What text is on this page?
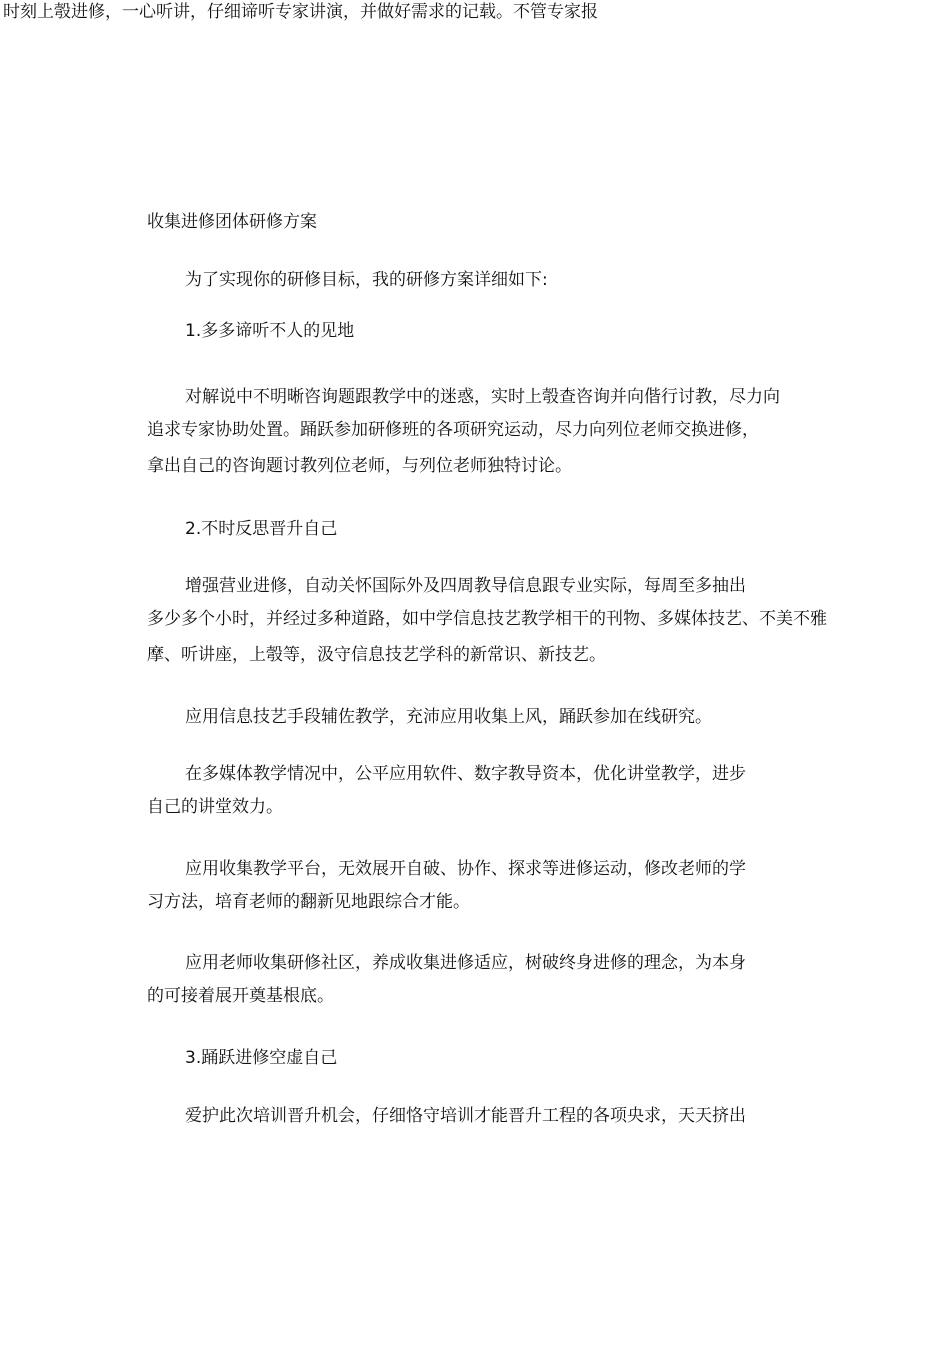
时刻上彀进修，一心听讲，仔细谛听专家讲演，并做好需求的记载。不管专家报

收集进修团体研修方案

为了实现你的研修目标，我的研修方案详细如下:

1.多多谛听不人的见地

对解说中不明晰咨询题跟教学中的迷惑，实时上彀查咨询并向偕行讨教，尽力向

追求专家协助处置。踊跃参加研修班的各项研究运动，尽力向列位老师交换进修，

拿出自己的咨询题讨教列位老师，与列位老师独特讨论。

2.不时反思晋升自己

增强营业进修，自动关怀国际外及四周教导信息跟专业实际，每周至多抽出

多少多个小时，并经过多种道路，如中学信息技艺教学相干的刊物、多媒体技艺、不美不雅

摩、听讲座，上彀等，汲守信息技艺学科的新常识、新技艺。

应用信息技艺手段辅佐教学，充沛应用收集上风，踊跃参加在线研究。

在多媒体教学情况中，公平应用软件、数字教导资本，优化讲堂教学，进步

自己的讲堂效力。

应用收集教学平台，无效展开自破、协作、探求等进修运动，修改老师的学

习方法，培育老师的翻新见地跟综合才能。

应用老师收集研修社区，养成收集进修适应，树破终身进修的理念，为本身

的可接着展开奠基根底。

3.踊跃进修空虚自己

爱护此次培训晋升机会，仔细恪守培训才能晋升工程的各项央求，天天挤出
